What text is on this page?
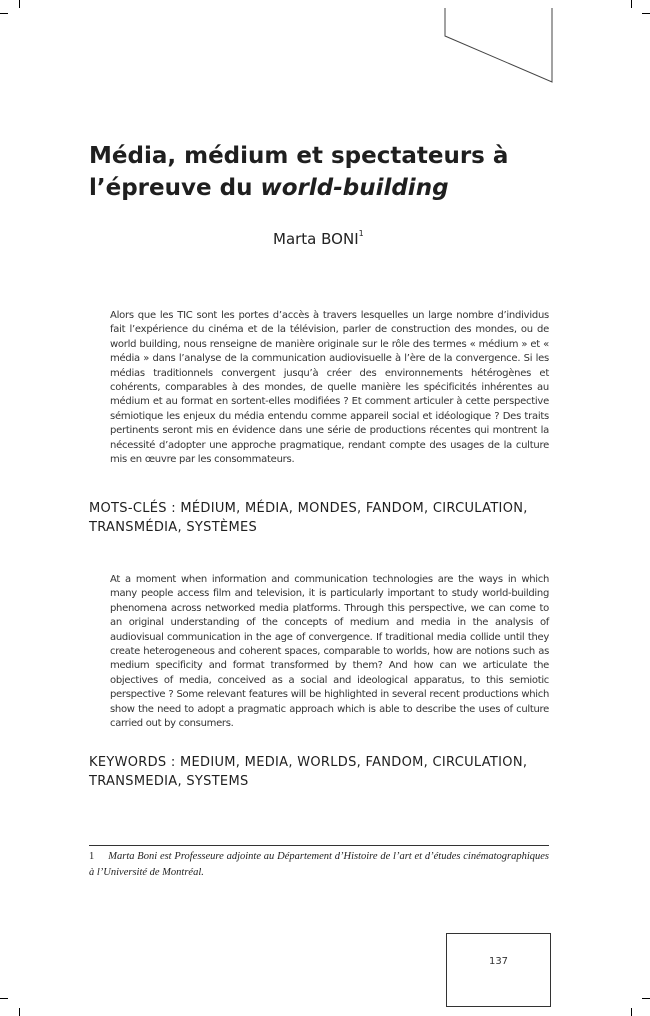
Média, médium et spectateurs à l’épreuve du world-building
Marta BONI$^1$

Alors que les TIC sont les portes d’accès à travers lesquelles un large nombre d’individus fait l’expérience du cinéma et de la télévision, parler de construction des mondes, ou de world building, nous renseigne de manière originale sur le rôle des termes « médium » et « média » dans l’analyse de la communication audiovisuelle à l’ère de la convergence. Si les médias traditionnels convergent jusqu’à créer des environnements hétérogènes et cohérents, comparables à des mondes, de quelle manière les spécificités inhérentes au médium et au format en sortent-elles modifiées ? Et comment articuler à cette perspective sémiotique les enjeux du média entendu comme appareil social et idéologique ? Des traits pertinents seront mis en évidence dans une série de productions récentes qui montrent la nécessité d’adopter une approche pragmatique, rendant compte des usages de la culture mis en œuvre par les consommateurs.

MOTS-CLÉS : MÉDIUM, MÉDIA, MONDES, FANDOM, CIRCULATION, TRANSMÉDIA, SYSTÈMES

At a moment when information and communication technologies are the ways in which many people access film and television, it is particularly important to study world-building phenomena across networked media platforms. Through this perspective, we can come to an original understanding of the concepts of medium and media in the analysis of audiovisual communication in the age of convergence. If traditional media collide until they create heterogeneous and coherent spaces, comparable to worlds, how are notions such as medium specificity and format transformed by them? And how can we articulate the objectives of media, conceived as a social and ideological apparatus, to this semiotic perspective ? Some relevant features will be highlighted in several recent productions which show the need to adopt a pragmatic approach which is able to describe the uses of culture carried out by consumers.

KEYWORDS : MEDIUM, MEDIA, WORLDS, FANDOM, CIRCULATION, TRANSMEDIA, SYSTEMS

1 Marta Boni est Professeure adjointe au Département d’Histoire de l’art et d’études cinématographiques à l’Université de Montréal.

137
